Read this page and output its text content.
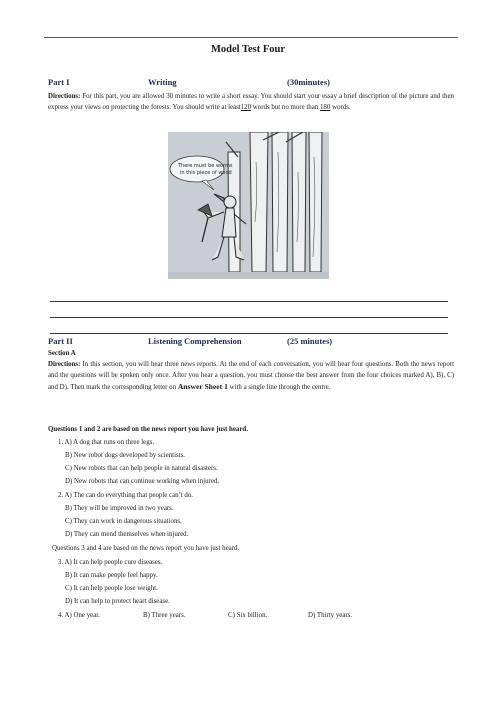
Model Test Four
Part I	Writing	(30minutes)
Directions: For this part, you are allowed 30 minutes to write a short essay. You should start your essay a brief description of the picture and then express your views on protecting the forests. You should write at least120 words but no more than 180 words.
There must be worms
in this piece of wood
Part II	Listening Comprehension	(25 minutes)
Section A
Directions: In this section, you will hear three news reports. At the end of each conversation, you will hear four questions. Both the news report and the questions will be spoken only once. After you hear a question, you must choose the best answer from the four choices marked A), B), C) and D). Then mark the corresponding letter on Answer Sheet 1 with a single line through the centre.
Questions 1 and 2 are based on the news report you have just heard.
1. A) A dog that runs on three legs.
B) New robot dogs developed by scientists.
C) New robots that can help people in natural disasters.
D) New robots that can continue working when injured.
2. A) The can do everything that people can’t do.
B) They will be improved in two years.
C) They can work in dangerous situations.
D) They can mend themselves when injured.
Questions 3 and 4 are based on the news report you have just heard.
3. A) It can help people cure diseases.
B) It can make people feel happy.
C) It can help people lose weight.
D) It can help to protect heart disease.
4. A) One year.	B) Three years.	C) Six billion.	D) Thirty years.
